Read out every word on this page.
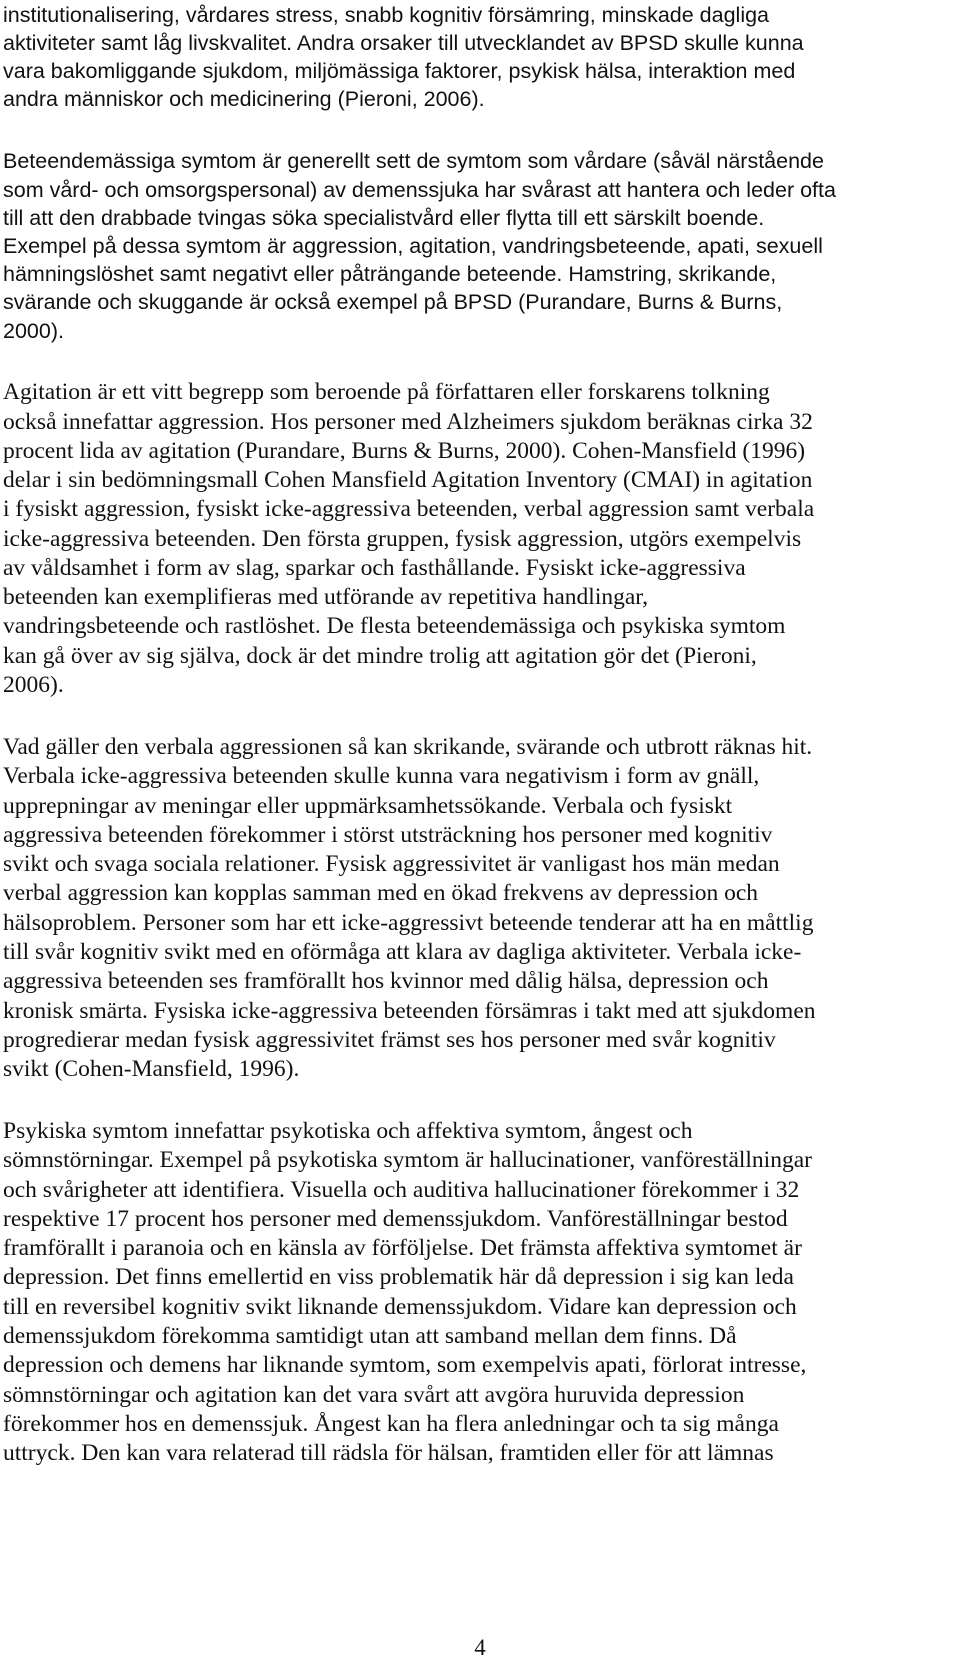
institutionalisering, vårdares stress, snabb kognitiv försämring, minskade dagliga

aktiviteter samt låg livskvalitet. Andra orsaker till utvecklandet av BPSD skulle kunna

vara bakomliggande sjukdom, miljömässiga faktorer, psykisk hälsa, interaktion med

andra människor och medicinering (Pieroni, 2006).

Beteendemässiga symtom är generellt sett de symtom som vårdare (såväl närstående

som vård- och omsorgspersonal) av demenssjuka har svårast att hantera och leder ofta

till att den drabbade tvingas söka specialistvård eller flytta till ett särskilt boende.

Exempel på dessa symtom är aggression, agitation, vandringsbeteende, apati, sexuell

hämningslöshet samt negativt eller påträngande beteende. Hamstring, skrikande,

svärande och skuggande är också exempel på BPSD (Purandare, Burns & Burns,

2000).

Agitation är ett vitt begrepp som beroende på författaren eller forskarens tolkning

också innefattar aggression. Hos personer med Alzheimers sjukdom beräknas cirka 32

procent lida av agitation (Purandare, Burns & Burns, 2000). Cohen-Mansfield (1996)

delar i sin bedömningsmall Cohen Mansfield Agitation Inventory (CMAI) in agitation

i fysiskt aggression, fysiskt icke-aggressiva beteenden, verbal aggression samt verbala

icke-aggressiva beteenden. Den första gruppen, fysisk aggression, utgörs exempelvis

av våldsamhet i form av slag, sparkar och fasthållande. Fysiskt icke-aggressiva

beteenden kan exemplifieras med utförande av repetitiva handlingar,

vandringsbeteende och rastlöshet. De flesta beteendemässiga och psykiska symtom

kan gå över av sig själva, dock är det mindre trolig att agitation gör det (Pieroni,

2006).

Vad gäller den verbala aggressionen så kan skrikande, svärande och utbrott räknas hit.

Verbala icke-aggressiva beteenden skulle kunna vara negativism i form av gnäll,

upprepningar av meningar eller uppmärksamhetssökande. Verbala och fysiskt

aggressiva beteenden förekommer i störst utsträckning hos personer med kognitiv

svikt och svaga sociala relationer. Fysisk aggressivitet är vanligast hos män medan

verbal aggression kan kopplas samman med en ökad frekvens av depression och

hälsoproblem. Personer som har ett icke-aggressivt beteende tenderar att ha en måttlig

till svår kognitiv svikt med en oförmåga att klara av dagliga aktiviteter. Verbala icke-

aggressiva beteenden ses framförallt hos kvinnor med dålig hälsa, depression och

kronisk smärta. Fysiska icke-aggressiva beteenden försämras i takt med att sjukdomen

progredierar medan fysisk aggressivitet främst ses hos personer med svår kognitiv

svikt (Cohen-Mansfield, 1996).

Psykiska symtom innefattar psykotiska och affektiva symtom, ångest och

sömnstörningar. Exempel på psykotiska symtom är hallucinationer, vanföreställningar

och svårigheter att identifiera. Visuella och auditiva hallucinationer förekommer i 32

respektive 17 procent hos personer med demenssjukdom. Vanföreställningar bestod

framförallt i paranoia och en känsla av förföljelse. Det främsta affektiva symtomet är

depression. Det finns emellertid en viss problematik här då depression i sig kan leda

till en reversibel kognitiv svikt liknande demenssjukdom. Vidare kan depression och

demenssjukdom förekomma samtidigt utan att samband mellan dem finns. Då

depression och demens har liknande symtom, som exempelvis apati, förlorat intresse,

sömnstörningar och agitation kan det vara svårt att avgöra huruvida depression

förekommer hos en demenssjuk. Ångest kan ha flera anledningar och ta sig många

uttryck. Den kan vara relaterad till rädsla för hälsan, framtiden eller för att lämnas

4
